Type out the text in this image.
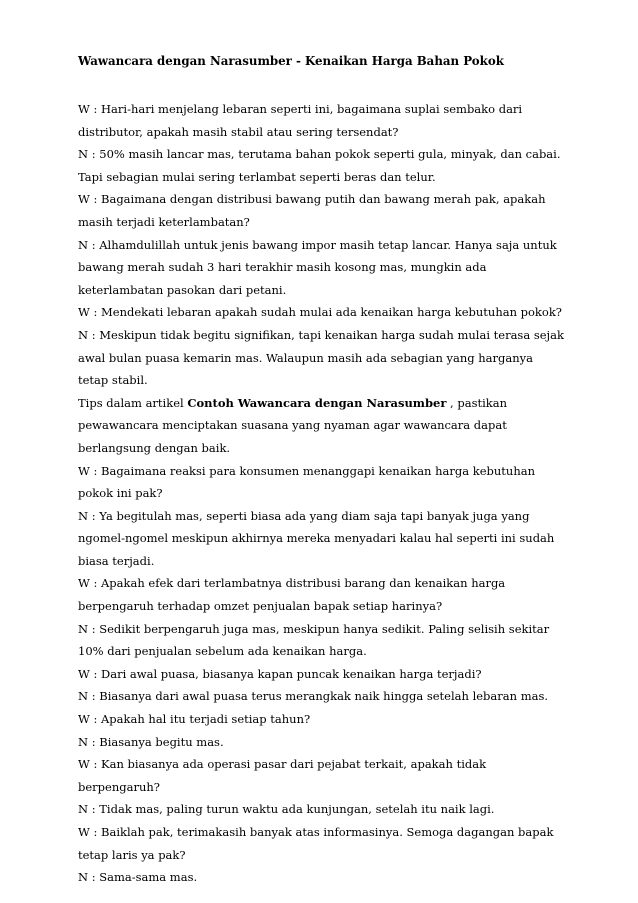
Wawancara dengan Narasumber - Kenaikan Harga Bahan Pokok

W : Hari-hari menjelang lebaran seperti ini, bagaimana suplai sembako dari distributor, apakah masih stabil atau sering tersendat?

N : 50% masih lancar mas, terutama bahan pokok seperti gula, minyak, dan cabai. Tapi sebagian mulai sering terlambat seperti beras dan telur.

W : Bagaimana dengan distribusi bawang putih dan bawang merah pak, apakah masih terjadi keterlambatan?

N : Alhamdulillah untuk jenis bawang impor masih tetap lancar. Hanya saja untuk bawang merah sudah 3 hari terakhir masih kosong mas, mungkin ada keterlambatan pasokan dari petani.

W : Mendekati lebaran apakah sudah mulai ada kenaikan harga kebutuhan pokok?

N : Meskipun tidak begitu signifikan, tapi kenaikan harga sudah mulai terasa sejak awal bulan puasa kemarin mas. Walaupun masih ada sebagian yang harganya tetap stabil.

Tips dalam artikel Contoh Wawancara dengan Narasumber , pastikan pewawancara menciptakan suasana yang nyaman agar wawancara dapat berlangsung dengan baik.

W : Bagaimana reaksi para konsumen menanggapi kenaikan harga kebutuhan pokok ini pak?

N : Ya begitulah mas, seperti biasa ada yang diam saja tapi banyak juga yang ngomel-ngomel meskipun akhirnya mereka menyadari kalau hal seperti ini sudah biasa terjadi.

W : Apakah efek dari terlambatnya distribusi barang dan kenaikan harga berpengaruh terhadap omzet penjualan bapak setiap harinya?

N : Sedikit berpengaruh juga mas, meskipun hanya sedikit. Paling selisih sekitar 10% dari penjualan sebelum ada kenaikan harga.

W : Dari awal puasa, biasanya kapan puncak kenaikan harga terjadi?

N : Biasanya dari awal puasa terus merangkak naik hingga setelah lebaran mas.

W : Apakah hal itu terjadi setiap tahun?

N : Biasanya begitu mas.

W : Kan biasanya ada operasi pasar dari pejabat terkait, apakah tidak berpengaruh?

N : Tidak mas, paling turun waktu ada kunjungan, setelah itu naik lagi.

W : Baiklah pak, terimakasih banyak atas informasinya. Semoga dagangan bapak tetap laris ya pak?

N : Sama-sama mas.
